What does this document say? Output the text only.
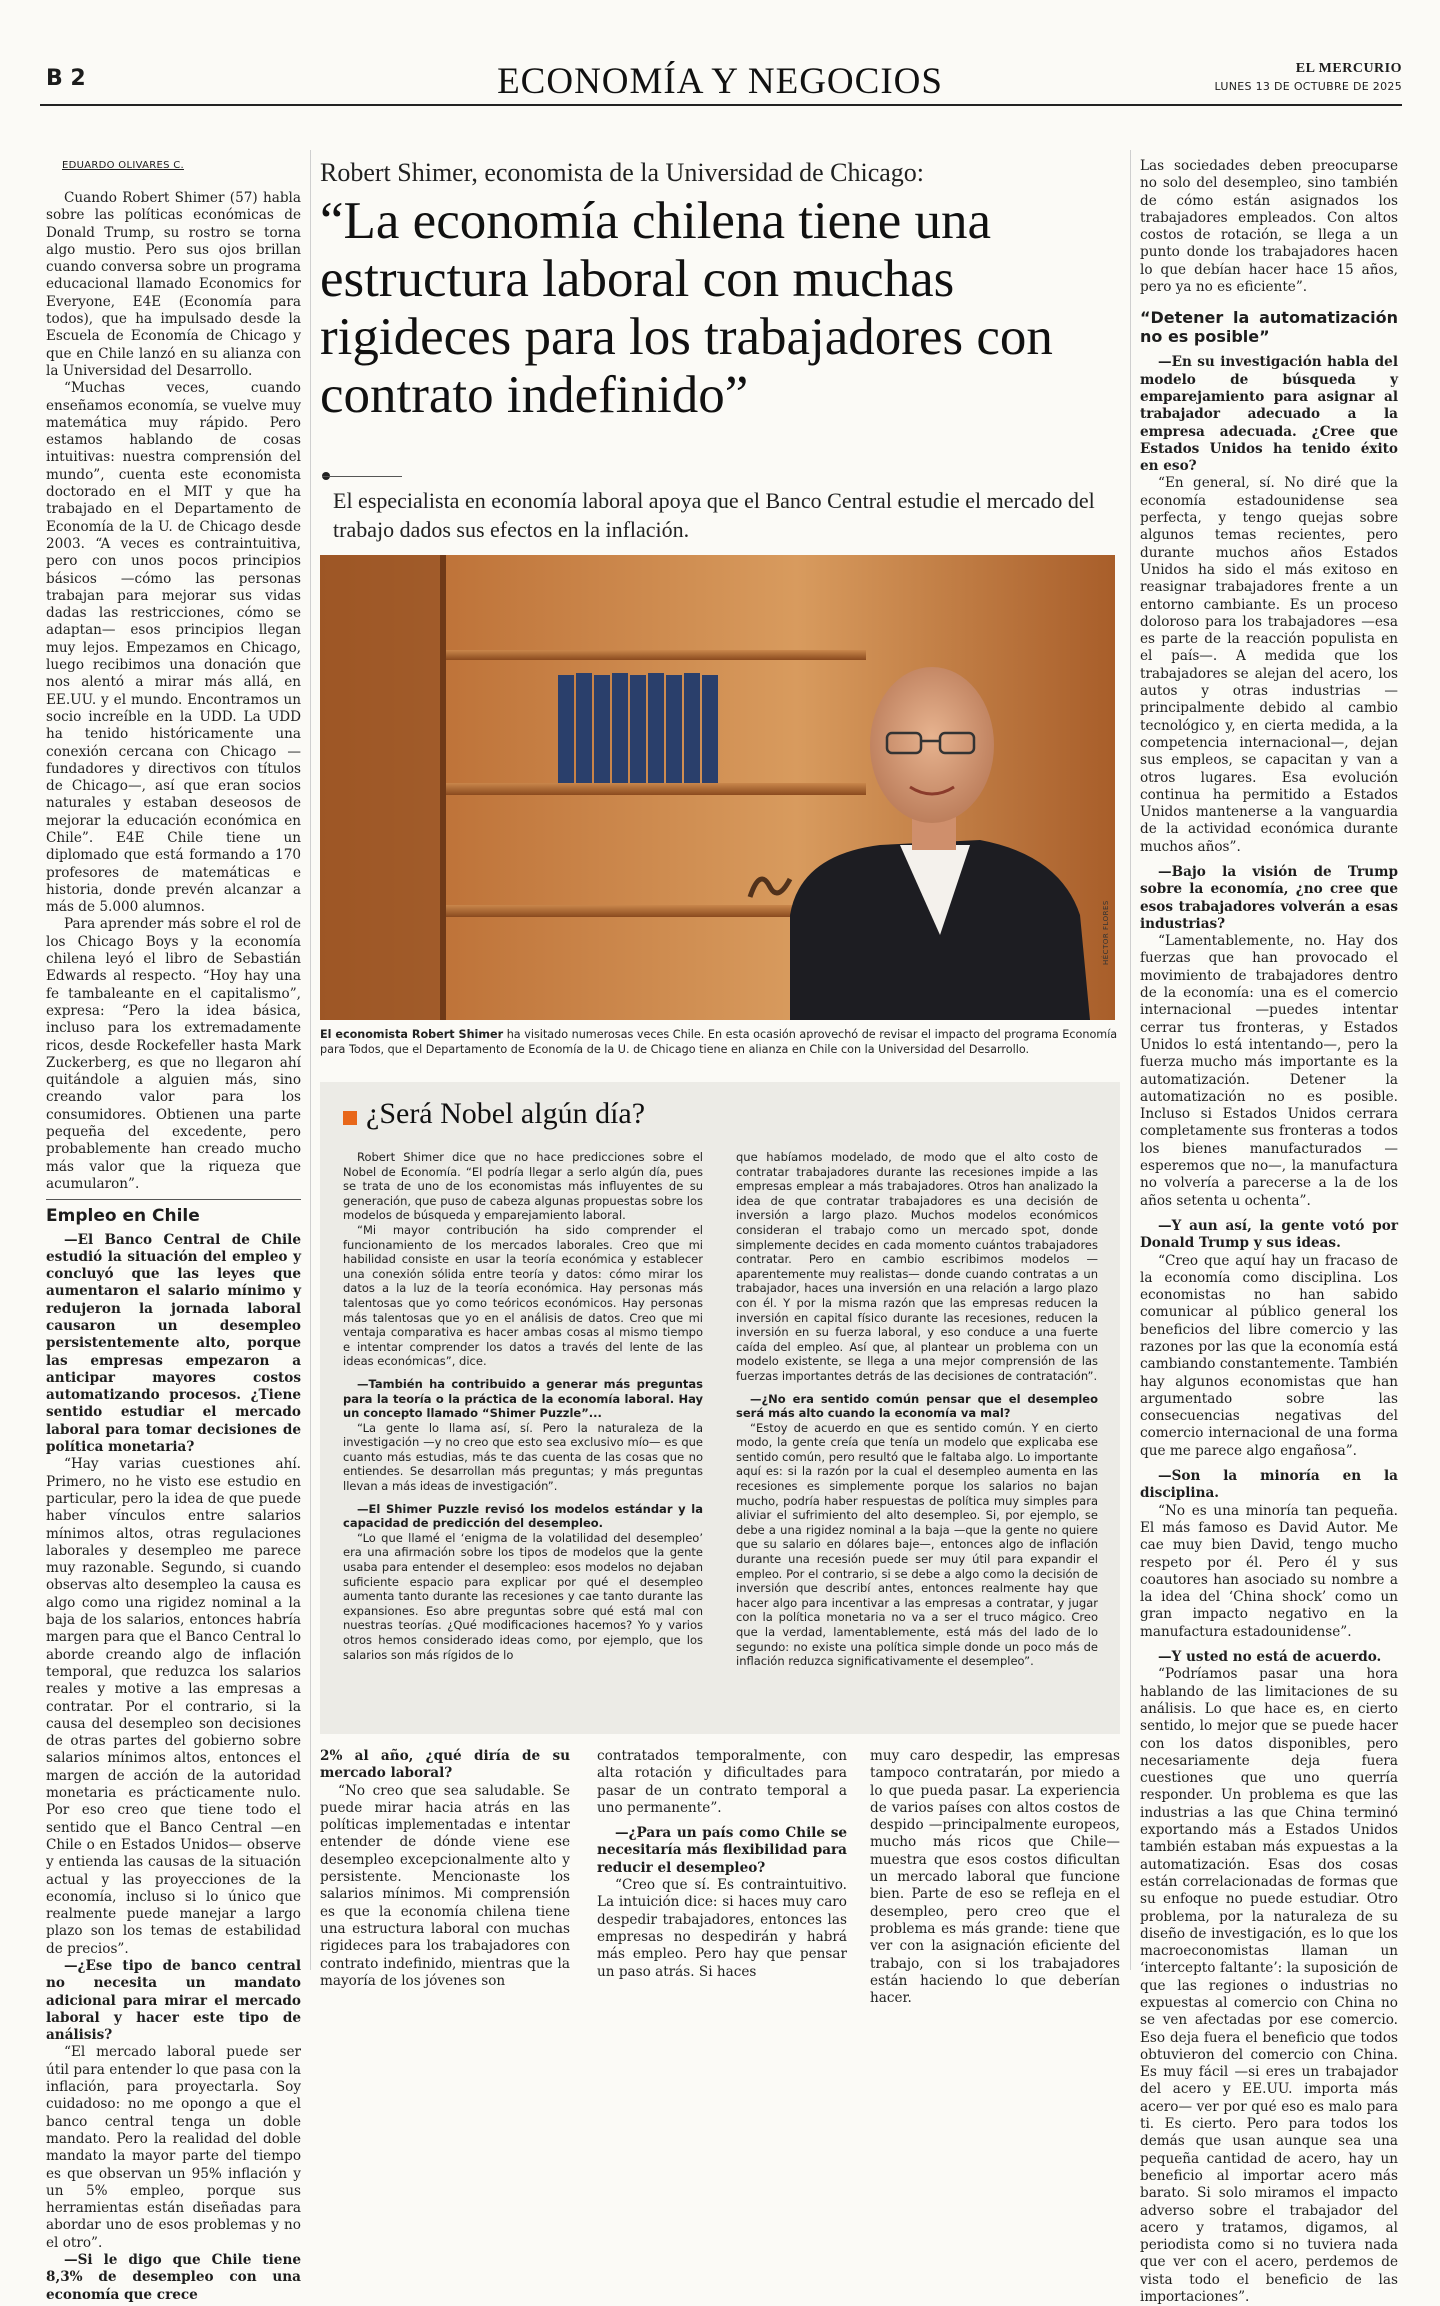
B 2	ECONOMÍA Y NEGOCIOS	EL MERCURIO
LUNES 13 DE OCTUBRE DE 2025
EDUARDO OLIVARES C.

Cuando Robert Shimer (57) habla sobre las políticas económicas de Donald Trump, su rostro se torna algo mustio. Pero sus ojos brillan cuando conversa sobre un programa educacional llamado Economics for Everyone, E4E (Economía para todos), que ha impulsado desde la Escuela de Economía de Chicago y que en Chile lanzó en su alianza con la Universidad del Desarrollo.

“Muchas veces, cuando enseñamos economía, se vuelve muy matemática muy rápido. Pero estamos hablando de cosas intuitivas: nuestra comprensión del mundo”, cuenta este economista doctorado en el MIT y que ha trabajado en el Departamento de Economía de la U. de Chicago desde 2003. “A veces es contraintuitiva, pero con unos pocos principios básicos —cómo las personas trabajan para mejorar sus vidas dadas las restricciones, cómo se adaptan— esos principios llegan muy lejos. Empezamos en Chicago, luego recibimos una donación que nos alentó a mirar más allá, en EE.UU. y el mundo. Encontramos un socio increíble en la UDD. La UDD ha tenido históricamente una conexión cercana con Chicago —fundadores y directivos con títulos de Chicago—, así que eran socios naturales y estaban deseosos de mejorar la educación económica en Chile”. E4E Chile tiene un diplomado que está formando a 170 profesores de matemáticas e historia, donde prevén alcanzar a más de 5.000 alumnos.

Para aprender más sobre el rol de los Chicago Boys y la economía chilena leyó el libro de Sebastián Edwards al respecto. “Hoy hay una fe tambaleante en el capitalismo”, expresa: “Pero la idea básica, incluso para los extremadamente ricos, desde Rockefeller hasta Mark Zuckerberg, es que no llegaron ahí quitándole a alguien más, sino creando valor para los consumidores. Obtienen una parte pequeña del excedente, pero probablemente han creado mucho más valor que la riqueza que acumularon”.

Empleo en Chile

—El Banco Central de Chile estudió la situación del empleo y concluyó que las leyes que aumentaron el salario mínimo y redujeron la jornada laboral causaron un desempleo persistentemente alto, porque las empresas empezaron a anticipar mayores costos automatizando procesos. ¿Tiene sentido estudiar el mercado laboral para tomar decisiones de política monetaria?

“Hay varias cuestiones ahí. Primero, no he visto ese estudio en particular, pero la idea de que puede haber vínculos entre salarios mínimos altos, otras regulaciones laborales y desempleo me parece muy razonable. Segundo, si cuando observas alto desempleo la causa es algo como una rigidez nominal a la baja de los salarios, entonces habría margen para que el Banco Central lo aborde creando algo de inflación temporal, que reduzca los salarios reales y motive a las empresas a contratar. Por el contrario, si la causa del desempleo son decisiones de otras partes del gobierno sobre salarios mínimos altos, entonces el margen de acción de la autoridad monetaria es prácticamente nulo. Por eso creo que tiene todo el sentido que el Banco Central —en Chile o en Estados Unidos— observe y entienda las causas de la situación actual y las proyecciones de la economía, incluso si lo único que realmente puede manejar a largo plazo son los temas de estabilidad de precios”.

—¿Ese tipo de banco central no necesita un mandato adicional para mirar el mercado laboral y hacer este tipo de análisis?

“El mercado laboral puede ser útil para entender lo que pasa con la inflación, para proyectarla. Soy cuidadoso: no me opongo a que el banco central tenga un doble mandato. Pero la realidad del doble mandato la mayor parte del tiempo es que observan un 95% inflación y un 5% empleo, porque sus herramientas están diseñadas para abordar uno de esos problemas y no el otro”.

—Si le digo que Chile tiene 8,3% de desempleo con una economía que crece

Robert Shimer, economista de la Universidad de Chicago:
“La economía chilena tiene una estructura laboral con muchas rigideces para los trabajadores con contrato indefinido”
El especialista en economía laboral apoya que el Banco Central estudie el mercado del trabajo dados sus efectos en la inflación.
HÉCTOR FLORES
El economista Robert Shimer ha visitado numerosas veces Chile. En esta ocasión aprovechó de revisar el impacto del programa Economía para Todos, que el Departamento de Economía de la U. de Chicago tiene en alianza en Chile con la Universidad del Desarrollo.
¿Será Nobel algún día?

Robert Shimer dice que no hace predicciones sobre el Nobel de Economía. “El podría llegar a serlo algún día, pues se trata de uno de los economistas más influyentes de su generación, que puso de cabeza algunas propuestas sobre los modelos de búsqueda y emparejamiento laboral.

“Mi mayor contribución ha sido comprender el funcionamiento de los mercados laborales. Creo que mi habilidad consiste en usar la teoría económica y establecer una conexión sólida entre teoría y datos: cómo mirar los datos a la luz de la teoría económica. Hay personas más talentosas que yo como teóricos económicos. Hay personas más talentosas que yo en el análisis de datos. Creo que mi ventaja comparativa es hacer ambas cosas al mismo tiempo e intentar comprender los datos a través del lente de las ideas económicas”, dice.

—También ha contribuido a generar más preguntas para la teoría o la práctica de la economía laboral. Hay un concepto llamado “Shimer Puzzle”...

“La gente lo llama así, sí. Pero la naturaleza de la investigación —y no creo que esto sea exclusivo mío— es que cuanto más estudias, más te das cuenta de las cosas que no entiendes. Se desarrollan más preguntas; y más preguntas llevan a más ideas de investigación”.

—El Shimer Puzzle revisó los modelos estándar y la capacidad de predicción del desempleo.

“Lo que llamé el ‘enigma de la volatilidad del desempleo’ era una afirmación sobre los tipos de modelos que la gente usaba para entender el desempleo: esos modelos no dejaban suficiente espacio para explicar por qué el desempleo aumenta tanto durante las recesiones y cae tanto durante las expansiones. Eso abre preguntas sobre qué está mal con nuestras teorías. ¿Qué modificaciones hacemos? Yo y varios otros hemos considerado ideas como, por ejemplo, que los salarios son más rígidos de lo

que habíamos modelado, de modo que el alto costo de contratar trabajadores durante las recesiones impide a las empresas emplear a más trabajadores. Otros han analizado la idea de que contratar trabajadores es una decisión de inversión a largo plazo. Muchos modelos económicos consideran el trabajo como un mercado spot, donde simplemente decides en cada momento cuántos trabajadores contratar. Pero en cambio escribimos modelos —aparentemente muy realistas— donde cuando contratas a un trabajador, haces una inversión en una relación a largo plazo con él. Y por la misma razón que las empresas reducen la inversión en capital físico durante las recesiones, reducen la inversión en su fuerza laboral, y eso conduce a una fuerte caída del empleo. Así que, al plantear un problema con un modelo existente, se llega a una mejor comprensión de las fuerzas importantes detrás de las decisiones de contratación”.

—¿No era sentido común pensar que el desempleo será más alto cuando la economía va mal?

“Estoy de acuerdo en que es sentido común. Y en cierto modo, la gente creía que tenía un modelo que explicaba ese sentido común, pero resultó que le faltaba algo. Lo importante aquí es: si la razón por la cual el desempleo aumenta en las recesiones es simplemente porque los salarios no bajan mucho, podría haber respuestas de política muy simples para aliviar el sufrimiento del alto desempleo. Si, por ejemplo, se debe a una rigidez nominal a la baja —que la gente no quiere que su salario en dólares baje—, entonces algo de inflación durante una recesión puede ser muy útil para expandir el empleo. Por el contrario, si se debe a algo como la decisión de inversión que describí antes, entonces realmente hay que hacer algo para incentivar a las empresas a contratar, y jugar con la política monetaria no va a ser el truco mágico. Creo que la verdad, lamentablemente, está más del lado de lo segundo: no existe una política simple donde un poco más de inflación reduzca significativamente el desempleo”.

2% al año, ¿qué diría de su mercado laboral?

“No creo que sea saludable. Se puede mirar hacia atrás en las políticas implementadas e intentar entender de dónde viene ese desempleo excepcionalmente alto y persistente. Mencionaste los salarios mínimos. Mi comprensión es que la economía chilena tiene una estructura laboral con muchas rigideces para los trabajadores con contrato indefinido, mientras que la mayoría de los jóvenes son

contratados temporalmente, con alta rotación y dificultades para pasar de un contrato temporal a uno permanente”.

—¿Para un país como Chile se necesitaría más flexibilidad para reducir el desempleo?

“Creo que sí. Es contraintuitivo. La intuición dice: si haces muy caro despedir trabajadores, entonces las empresas no despedirán y habrá más empleo. Pero hay que pensar un paso atrás. Si haces

muy caro despedir, las empresas tampoco contratarán, por miedo a lo que pueda pasar. La experiencia de varios países con altos costos de despido —principalmente europeos, mucho más ricos que Chile— muestra que esos costos dificultan un mercado laboral que funcione bien. Parte de eso se refleja en el desempleo, pero creo que el problema es más grande: tiene que ver con la asignación eficiente del trabajo, con si los trabajadores están haciendo lo que deberían hacer.

Las sociedades deben preocuparse no solo del desempleo, sino también de cómo están asignados los trabajadores empleados. Con altos costos de rotación, se llega a un punto donde los trabajadores hacen lo que debían hacer hace 15 años, pero ya no es eficiente”.

“Detener la automatización no es posible”

—En su investigación habla del modelo de búsqueda y emparejamiento para asignar al trabajador adecuado a la empresa adecuada. ¿Cree que Estados Unidos ha tenido éxito en eso?

“En general, sí. No diré que la economía estadounidense sea perfecta, y tengo quejas sobre algunos temas recientes, pero durante muchos años Estados Unidos ha sido el más exitoso en reasignar trabajadores frente a un entorno cambiante. Es un proceso doloroso para los trabajadores —esa es parte de la reacción populista en el país—. A medida que los trabajadores se alejan del acero, los autos y otras industrias —principalmente debido al cambio tecnológico y, en cierta medida, a la competencia internacional—, dejan sus empleos, se capacitan y van a otros lugares. Esa evolución continua ha permitido a Estados Unidos mantenerse a la vanguardia de la actividad económica durante muchos años”.

—Bajo la visión de Trump sobre la economía, ¿no cree que esos trabajadores volverán a esas industrias?

“Lamentablemente, no. Hay dos fuerzas que han provocado el movimiento de trabajadores dentro de la economía: una es el comercio internacional —puedes intentar cerrar tus fronteras, y Estados Unidos lo está intentando—, pero la fuerza mucho más importante es la automatización. Detener la automatización no es posible. Incluso si Estados Unidos cerrara completamente sus fronteras a todos los bienes manufacturados —esperemos que no—, la manufactura no volvería a parecerse a la de los años setenta u ochenta”.

—Y aun así, la gente votó por Donald Trump y sus ideas.

“Creo que aquí hay un fracaso de la economía como disciplina. Los economistas no han sabido comunicar al público general los beneficios del libre comercio y las razones por las que la economía está cambiando constantemente. También hay algunos economistas que han argumentado sobre las consecuencias negativas del comercio internacional de una forma que me parece algo engañosa”.

—Son la minoría en la disciplina.

“No es una minoría tan pequeña. El más famoso es David Autor. Me cae muy bien David, tengo mucho respeto por él. Pero él y sus coautores han asociado su nombre a la idea del ‘China shock’ como un gran impacto negativo en la manufactura estadounidense”.

—Y usted no está de acuerdo.

“Podríamos pasar una hora hablando de las limitaciones de su análisis. Lo que hace es, en cierto sentido, lo mejor que se puede hacer con los datos disponibles, pero necesariamente deja fuera cuestiones que uno querría responder. Un problema es que las industrias a las que China terminó exportando más a Estados Unidos también estaban más expuestas a la automatización. Esas dos cosas están correlacionadas de formas que su enfoque no puede estudiar. Otro problema, por la naturaleza de su diseño de investigación, es lo que los macroeconomistas llaman un ‘intercepto faltante’: la suposición de que las regiones o industrias no expuestas al comercio con China no se ven afectadas por ese comercio. Eso deja fuera el beneficio que todos obtuvieron del comercio con China. Es muy fácil —si eres un trabajador del acero y EE.UU. importa más acero— ver por qué eso es malo para ti. Es cierto. Pero para todos los demás que usan aunque sea una pequeña cantidad de acero, hay un beneficio al importar acero más barato. Si solo miramos el impacto adverso sobre el trabajador del acero y tratamos, digamos, al periodista como si no tuviera nada que ver con el acero, perdemos de vista todo el beneficio de las importaciones”.
